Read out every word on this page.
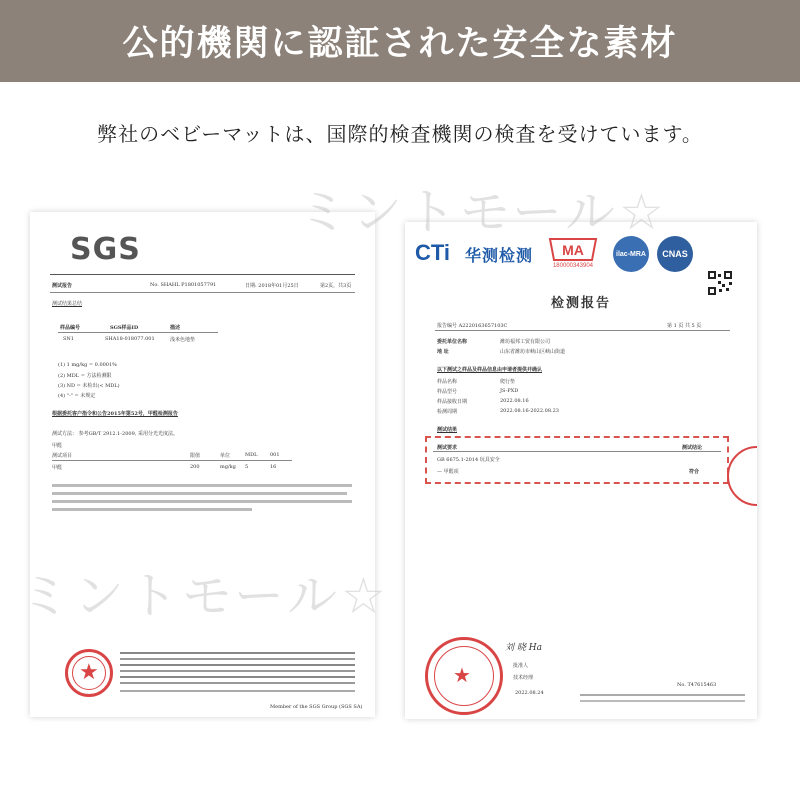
公的機関に認証された安全な素材
弊社のベビーマットは、国際的検査機関の検査を受けています。
SGS
测试报告	No. SHAHL P1801057791	日期: 2018年01月25日	第2页，共3页
测试结果总结
样品编号	SGS样品ID	描述
SN1	SHA18-018077.001	浅米色地垫
(1) 1 mg/kg = 0.0001%
(2) MDL = 方法检测限
(3) ND = 未检出(< MDL)
(4) "-" = 未规定
根据委托客户指令和公告2015年第52号，甲醛检测报告
测试方法： 参考GB/T 2912.1-2009, 采用分光光度法。
甲醛
测试项目	限值	单位	MDL	001
甲醛	200	mg/kg 5	16
★
Member of the SGS Group (SGS SA)
CTi 华测检测 MA
180000343904
ilac-MRA	CNAS
检测报告
报告编号 A2220163657103C	第 1 页 共 5 页
委托单位名称	潍坊福邦工贸有限公司
地 址	山东省潍坊市峡山区峡山街道
以下测试之样品及样品信息由申请者提供并确认
样品名称	爬行垫
样品型号	JS-PXD
样品接收日期	2022.08.16
检测周期	2022.08.16-2022.08.23
测试结果
测试要求	测试结论
GB 6675.1-2014 玩具安全
— 甲醛项	符合
刘 晓 Ha
批准人
技术经理
2022.08.24
★	No. T47615463
ミントモール☆
ミントモール☆
